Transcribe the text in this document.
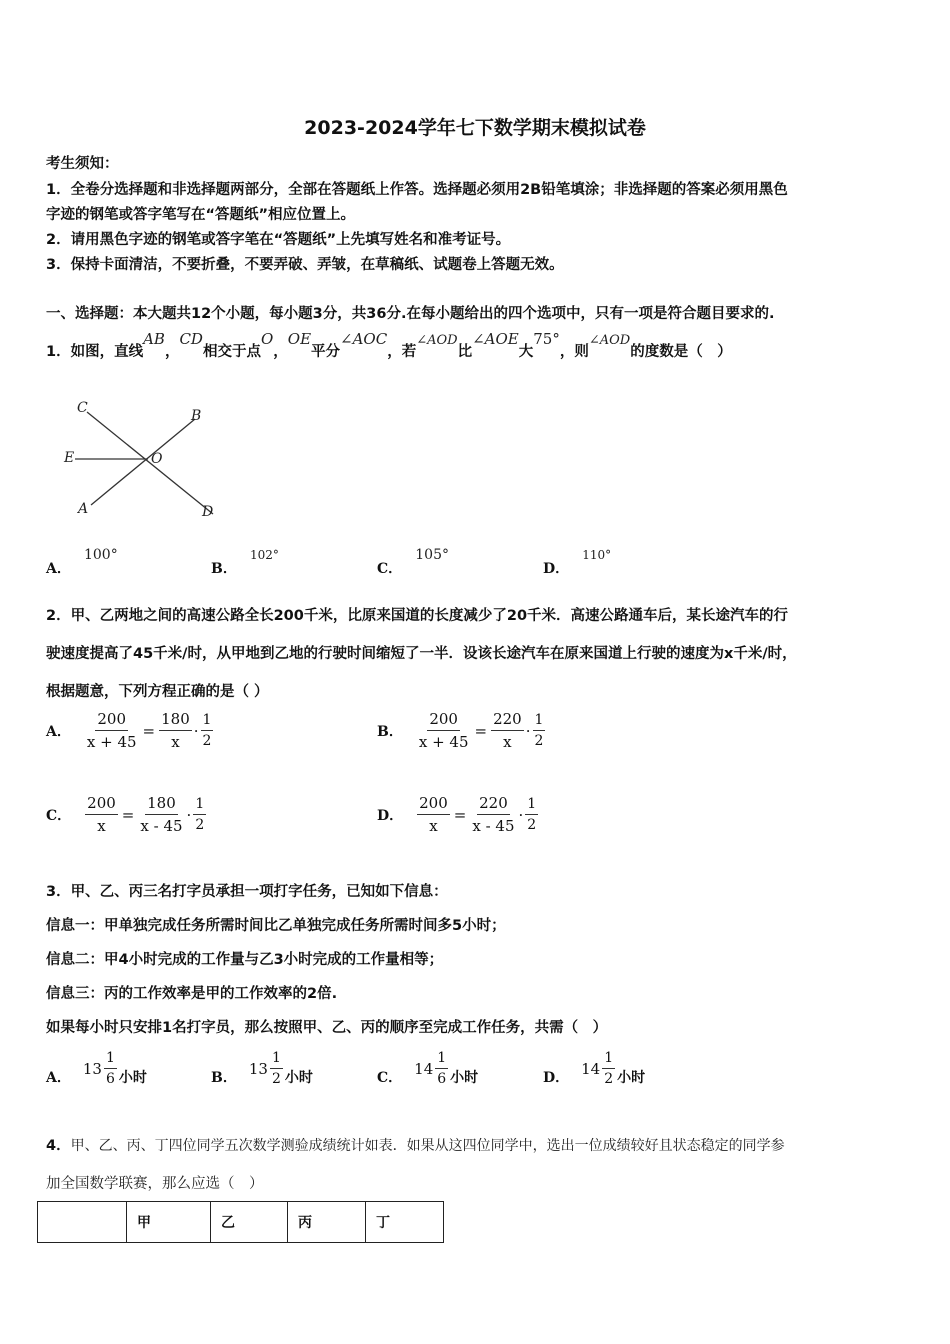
2023-2024学年七下数学期末模拟试卷
考生须知：
1．全卷分选择题和非选择题两部分，全部在答题纸上作答。选择题必须用2B铅笔填涂；非选择题的答案必须用黑色
字迹的钢笔或答字笔写在“答题纸”相应位置上。
2．请用黑色字迹的钢笔或答字笔在“答题纸”上先填写姓名和准考证号。
3．保持卡面清洁，不要折叠，不要弄破、弄皱，在草稿纸、试题卷上答题无效。
一、选择题：本大题共12个小题，每小题3分，共36分.在每小题给出的四个选项中，只有一项是符合题目要求的.
1．如图，直线AB，CD相交于点O，OE平分∠AOC，若∠AOD比∠AOE大75°，则∠AOD的度数是（　）
C	B
E	O
A	D
A． 100°
B． $^{102^\circ}$
C． 105°
D． $^{110^\circ}$
2．甲、乙两地之间的高速公路全长200千米，比原来国道的长度减少了20千米．高速公路通车后，某长途汽车的行
驶速度提高了45千米/时，从甲地到乙地的行驶时间缩短了一半．设该长途汽车在原来国道上行驶的速度为x千米/时，
根据题意，下列方程正确的是（ ）
A． $\frac{200}{x + 45} = \frac{180}{x} \cdot \frac{1}{2}$	B． $\frac{200}{x + 45} = \frac{220}{x} \cdot \frac{1}{2}$
C． $\frac{200}{x} = \frac{180}{x - 45} \cdot \frac{1}{2}$	D． $\frac{200}{x} = \frac{220}{x - 45} \cdot \frac{1}{2}$
3．甲、乙、丙三名打字员承担一项打字任务，已知如下信息：
信息一：甲单独完成任务所需时间比乙单独完成任务所需时间多5小时；
信息二：甲4小时完成的工作量与乙3小时完成的工作量相等；
信息三：丙的工作效率是甲的工作效率的2倍.
如果每小时只安排1名打字员，那么按照甲、乙、丙的顺序至完成工作任务，共需（　）
A．
$13 \frac{1}{6}$ 小时	B．
$13 \frac{1}{2}$ 小时	C．
$14 \frac{1}{6}$ 小时	D．
$14 \frac{1}{2}$ 小时
4．甲、乙、丙、丁四位同学五次数学测验成绩统计如表．如果从这四位同学中，选出一位成绩较好且状态稳定的同学参
加全国数学联赛，那么应选（　）
	甲	乙	丙	丁
